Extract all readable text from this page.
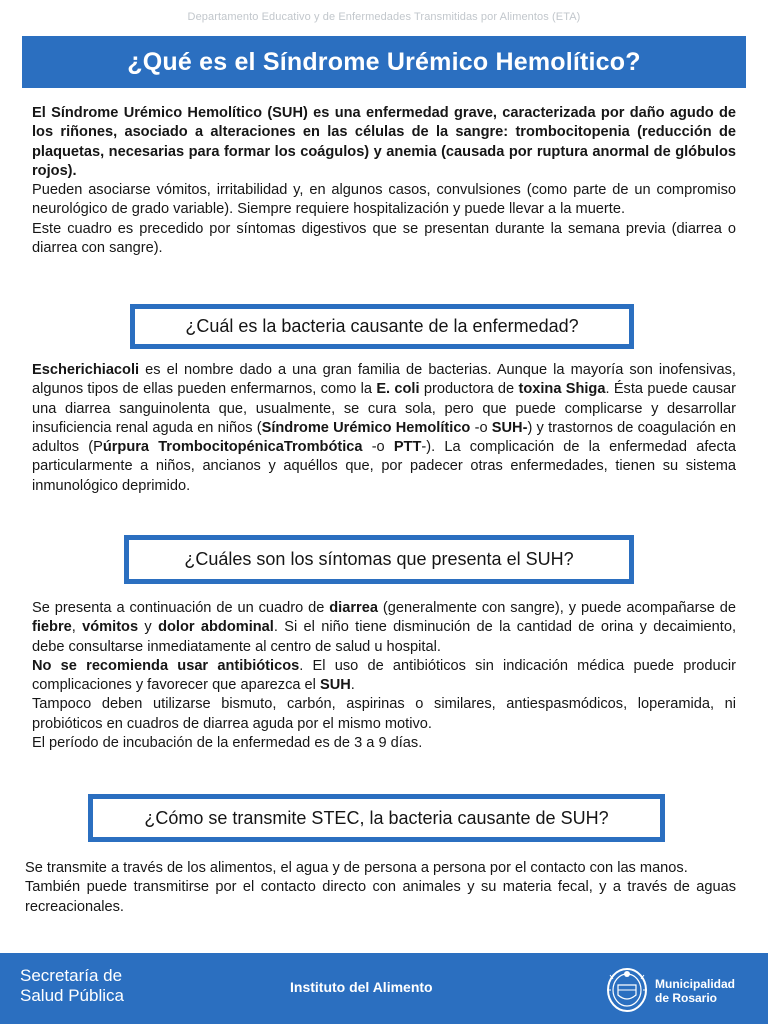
Departamento Educativo y de Enfermedades Transmitidas por Alimentos (ETA)
¿Qué es el Síndrome Urémico Hemolítico?

El Síndrome Urémico Hemolítico (SUH) es una enfermedad grave, caracterizada por daño agudo de los riñones, asociado a alteraciones en las células de la sangre: trombocitopenia (reducción de plaquetas, necesarias para formar los coágulos) y anemia (causada por ruptura anormal de glóbulos rojos).

Pueden asociarse vómitos, irritabilidad y, en algunos casos, convulsiones (como parte de un compromiso neurológico de grado variable). Siempre requiere hospitalización y puede llevar a la muerte.

Este cuadro es precedido por síntomas digestivos que se presentan durante la semana previa (diarrea o diarrea con sangre).

¿Cuál es la bacteria causante de la enfermedad?

Escherichiacoli es el nombre dado a una gran familia de bacterias. Aunque la mayoría son inofensivas, algunos tipos de ellas pueden enfermarnos, como la E. coli productora de toxina Shiga. Ésta puede causar una diarrea sanguinolenta que, usualmente, se cura sola, pero que puede complicarse y desarrollar insuficiencia renal aguda en niños (Síndrome Urémico Hemolítico -o SUH-) y trastornos de coagulación en adultos (Púrpura TrombocitopénicaTrombótica -o PTT-). La complicación de la enfermedad afecta particularmente a niños, ancianos y aquéllos que, por padecer otras enfermedades, tienen su sistema inmunológico deprimido.

¿Cuáles son los síntomas que presenta el SUH?

Se presenta a continuación de un cuadro de diarrea (generalmente con sangre), y puede acompañarse de fiebre, vómitos y dolor abdominal. Si el niño tiene disminución de la cantidad de orina y decaimiento, debe consultarse inmediatamente al centro de salud u hospital.

No se recomienda usar antibióticos. El uso de antibióticos sin indicación médica puede producir complicaciones y favorecer que aparezca el SUH.

Tampoco deben utilizarse bismuto, carbón, aspirinas o similares, antiespasmódicos, loperamida, ni probióticos en cuadros de diarrea aguda por el mismo motivo.

El período de incubación de la enfermedad es de 3 a 9 días.

¿Cómo se transmite STEC, la bacteria causante de SUH?

Se transmite a través de los alimentos, el agua y de persona a persona por el contacto con las manos.

También puede transmitirse por el contacto directo con animales y su materia fecal, y a través de aguas recreacionales.

Secretaría de
Salud Pública	Instituto del Alimento	Municipalidad
de Rosario
